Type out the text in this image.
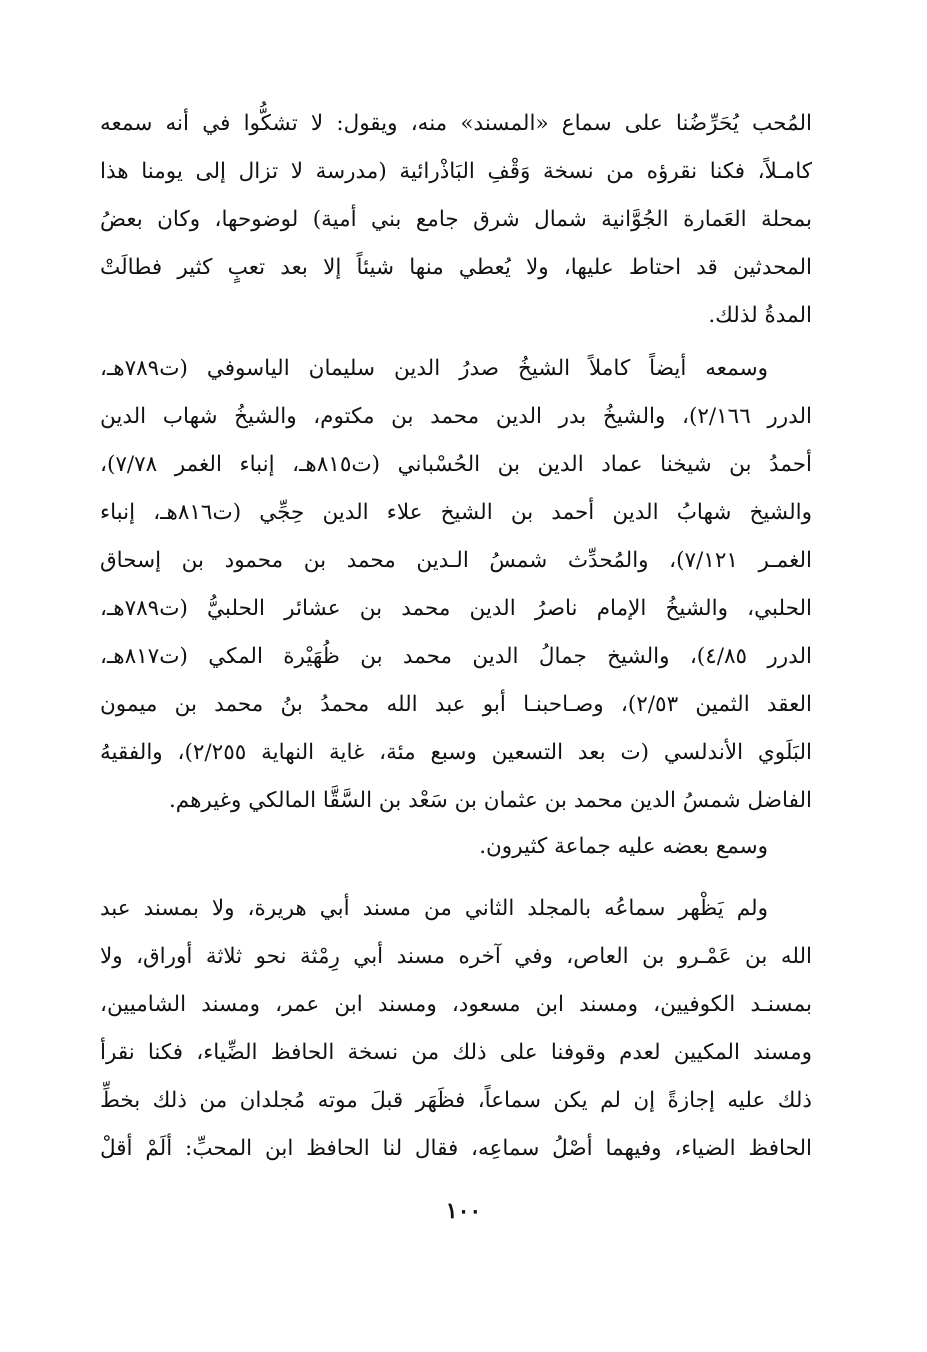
المُحب يُحَرِّضُنا على سماع «المسند» منه، ويقول: لا تشكُّوا في أنه سمعه
كامـلاً، فكنا نقرؤه من نسخة وَقْفِ البَاذْرائية (مدرسة لا تزال إلى يومنا هذا
بمحلة العَمارة الجُوَّانية شمال شرق جامع بني أمية) لوضوحها، وكان بعضُ
المحدثين قد احتاط عليها، ولا يُعطي منها شيئاً إلا بعد تعبٍ كثير فطالَتْ
المدةُ لذلك.
وسمعه أيضاً كاملاً الشيخُ صدرُ الدين سليمان الياسوفي (ت٧٨٩هـ،
الدرر ٢/١٦٦)، والشيخُ بدر الدين محمد بن مكتوم، والشيخُ شهاب الدين
أحمدُ بن شيخنا عماد الدين بن الحُسْباني (ت٨١٥هـ، إنباء الغمر ٧/٧٨)،
والشيخ شهابُ الدين أحمد بن الشيخ علاء الدين حِجِّي (ت٨١٦هـ، إنباء
الغمـر ٧/١٢١)، والمُحدِّث شمسُ الـدين محمد بن محمود بن إسحاق
الحلبي، والشيخُ الإمام ناصرُ الدين محمد بن عشائر الحلبيُّ (ت٧٨٩هـ،
الدرر ٤/٨٥)، والشيخ جمالُ الدين محمد بن ظُهَيْرة المكي (ت٨١٧هـ،
العقد الثمين ٢/٥٣)، وصـاحبنـا أبو عبد الله محمدُ بنُ محمد بن ميمون
البَلَوي الأندلسي (ت بعد التسعين وسبع مئة، غاية النهاية ٢/٢٥٥)، والفقيهُ
الفاضل شمسُ الدين محمد بن عثمان بن سَعْد بن السَّقَّا المالكي وغيرهم.
وسمع بعضه عليه جماعة كثيرون.
ولم يَظْهر سماعُه بالمجلد الثاني من مسند أبي هريرة، ولا بمسند عبد
الله بن عَمْـرو بن العاص، وفي آخره مسند أبي رِمْثة نحو ثلاثة أوراق، ولا
بمسنـد الكوفيين، ومسند ابن مسعود، ومسند ابن عمر، ومسند الشاميين،
ومسند المكيين لعدم وقوفنا على ذلك من نسخة الحافظ الضِّياء، فكنا نقرأ
ذلك عليه إجازةً إن لم يكن سماعاً، فظَهَر قبلَ موته مُجلدان من ذلك بخطِّ
الحافظ الضياء، وفيهما أصْلُ سماعِه، فقال لنا الحافظ ابن المحبِّ: ألَمْ أقلْ
١٠٠
